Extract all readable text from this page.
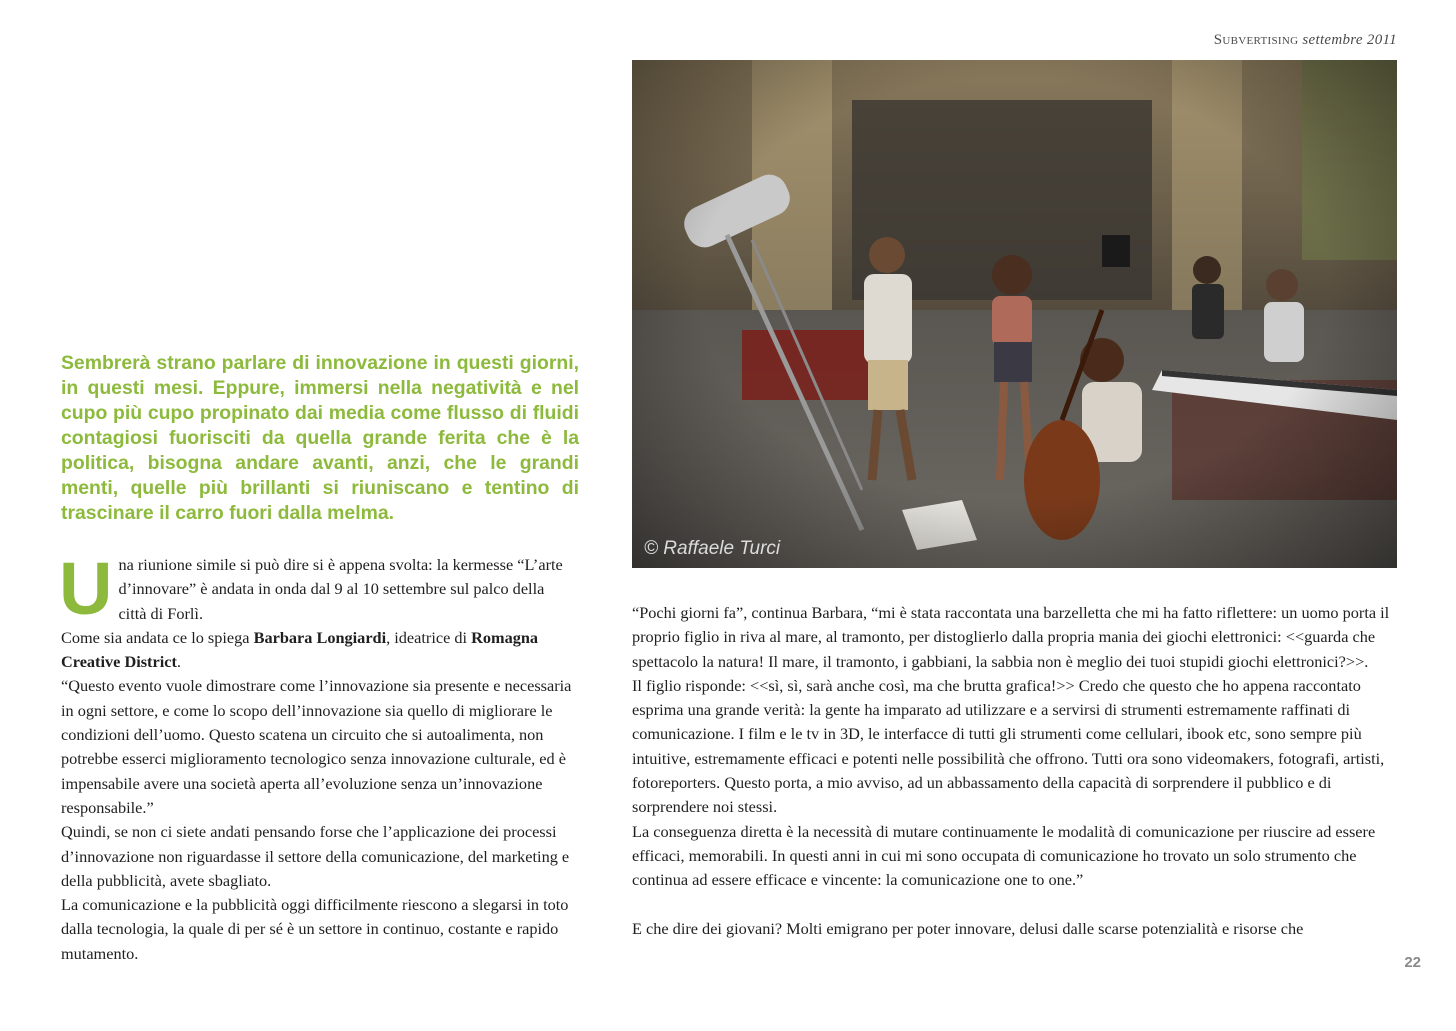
Subvertising settembre 2011
© Raffaele Turci

Sembrerà strano parlare di innovazione in questi giorni, in questi mesi. Eppure, immersi nella negatività e nel cupo più cupo propinato dai media come flusso di fluidi contagiosi fuorisciti da quella grande ferita che è la politica, bisogna andare avanti, anzi, che le grandi menti, quelle più brillanti si riuniscano e tentino di trascinare il carro fuori dalla melma.

U na riunione simile si può dire si è appena svolta: la kermesse “L’arte d’innovare” è andata in onda dal 9 al 10 settembre sul palco della città di Forlì.

Come sia andata ce lo spiega Barbara Longiardi, ideatrice di Romagna Creative District.

“Questo evento vuole dimostrare come l’innovazione sia presente e necessaria in ogni settore, e come lo scopo dell’innovazione sia quello di migliorare le condizioni dell’uomo. Questo scatena un circuito che si autoalimenta, non potrebbe esserci miglioramento tecnologico senza innovazione culturale, ed è impensabile avere una società aperta all’evoluzione senza un’innovazione responsabile.”

Quindi, se non ci siete andati pensando forse che l’applicazione dei processi d’innovazione non riguardasse il settore della comunicazione, del marketing e della pubblicità, avete sbagliato.

La comunicazione e la pubblicità oggi difficilmente riescono a slegarsi in toto dalla tecnologia, la quale di per sé è un settore in continuo, costante e rapido mutamento.

“Pochi giorni fa”, continua Barbara, “mi è stata raccontata una barzelletta che mi ha fatto riflettere: un uomo porta il proprio figlio in riva al mare, al tramonto, per distoglierlo dalla propria mania dei giochi elettronici: <<guarda che spettacolo la natura! Il mare, il tramonto, i gabbiani, la sabbia non è meglio dei tuoi stupidi giochi elettronici?>>.

Il figlio risponde: <<sì, sì, sarà anche così, ma che brutta grafica!>> Credo che questo che ho appena raccontato esprima una grande verità: la gente ha imparato ad utilizzare e a servirsi di strumenti estremamente raffinati di comunicazione. I film e le tv in 3D, le interfacce di tutti gli strumenti come cellulari, ibook etc, sono sempre più intuitive, estremamente efficaci e potenti nelle possibilità che offrono. Tutti ora sono videomakers, fotografi, artisti, fotoreporters. Questo porta, a mio avviso, ad un abbassamento della capacità di sorprendere il pubblico e di sorprendere noi stessi.

La conseguenza diretta è la necessità di mutare continuamente le modalità di comunicazione per riuscire ad essere efficaci, memorabili. In questi anni in cui mi sono occupata di comunicazione ho trovato un solo strumento che continua ad essere efficace e vincente: la comunicazione one to one.”

E che dire dei giovani? Molti emigrano per poter innovare, delusi dalle scarse potenzialità e risorse che

22
